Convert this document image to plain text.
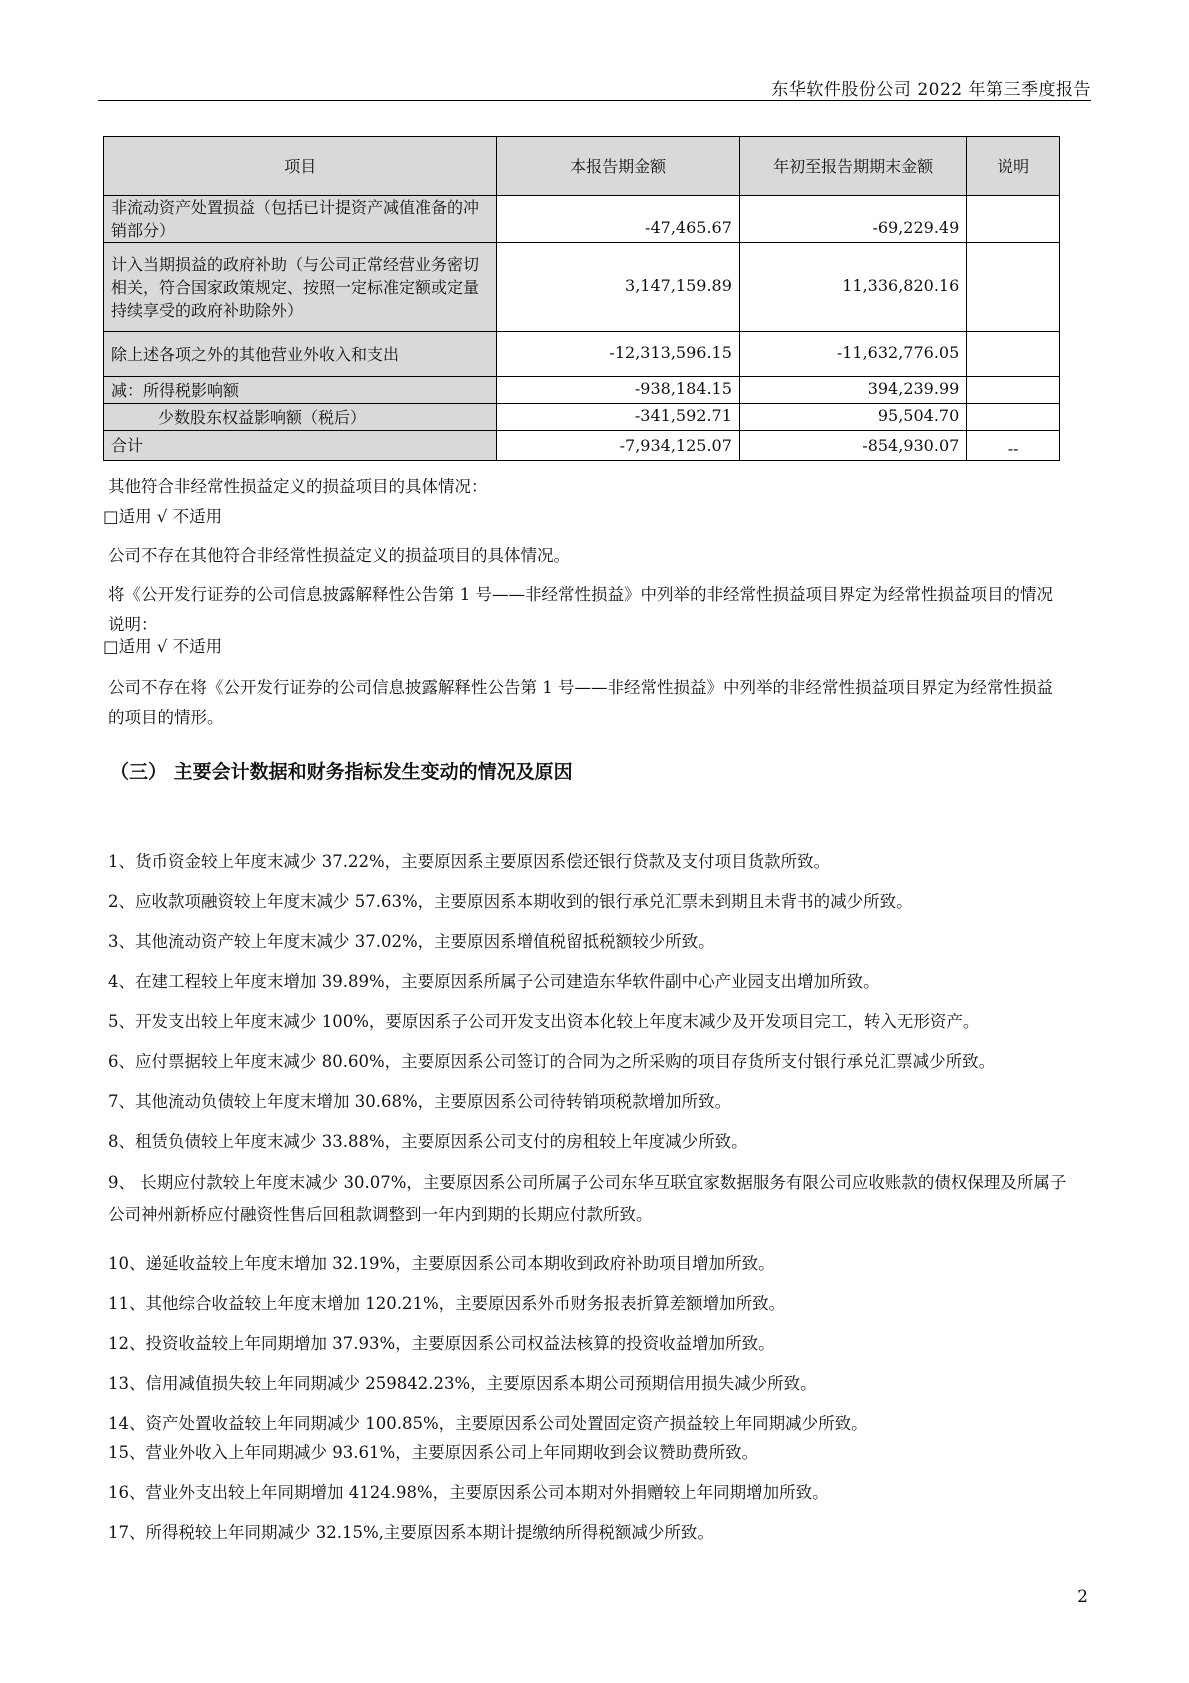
东华软件股份公司 2022 年第三季度报告
项目	本报告期金额	年初至报告期期末金额	说明
非流动资产处置损益（包括已计提资产减值准备的冲销部分）	-47,465.67	-69,229.49	
计入当期损益的政府补助（与公司正常经营业务密切相关，符合国家政策规定、按照一定标准定额或定量持续享受的政府补助除外）	3,147,159.89	11,336,820.16	
除上述各项之外的其他营业外收入和支出	-12,313,596.15	-11,632,776.05	
减：所得税影响额	-938,184.15	394,239.99	
少数股东权益影响额（税后）	-341,592.71	95,504.70	
合计	-7,934,125.07	-854,930.07	--

其他符合非经常性损益定义的损益项目的具体情况：

□适用 √ 不适用

公司不存在其他符合非经常性损益定义的损益项目的具体情况。

将《公开发行证券的公司信息披露解释性公告第 1 号——非经常性损益》中列举的非经常性损益项目界定为经常性损益项目的情况说明：

□适用 √ 不适用

公司不存在将《公开发行证券的公司信息披露解释性公告第 1 号——非经常性损益》中列举的非经常性损益项目界定为经常性损益的项目的情形。

（三） 主要会计数据和财务指标发生变动的情况及原因

1、货币资金较上年度末减少 37.22%，主要原因系主要原因系偿还银行贷款及支付项目货款所致。
2、应收款项融资较上年度末减少 57.63%，主要原因系本期收到的银行承兑汇票未到期且未背书的减少所致。
3、其他流动资产较上年度末减少 37.02%，主要原因系增值税留抵税额较少所致。
4、在建工程较上年度末增加 39.89%，主要原因系所属子公司建造东华软件副中心产业园支出增加所致。
5、开发支出较上年度末减少 100%，要原因系子公司开发支出资本化较上年度末减少及开发项目完工，转入无形资产。
6、应付票据较上年度末减少 80.60%，主要原因系公司签订的合同为之所采购的项目存货所支付银行承兑汇票减少所致。
7、其他流动负债较上年度末增加 30.68%，主要原因系公司待转销项税款增加所致。
8、租赁负债较上年度末减少 33.88%，主要原因系公司支付的房租较上年度减少所致。
9、 长期应付款较上年度末减少 30.07%，主要原因系公司所属子公司东华互联宜家数据服务有限公司应收账款的债权保理及所属子公司神州新桥应付融资性售后回租款调整到一年内到期的长期应付款所致。
10、递延收益较上年度末增加 32.19%，主要原因系公司本期收到政府补助项目增加所致。
11、其他综合收益较上年度末增加 120.21%，主要原因系外币财务报表折算差额增加所致。
12、投资收益较上年同期增加 37.93%，主要原因系公司权益法核算的投资收益增加所致。
13、信用减值损失较上年同期减少 259842.23%，主要原因系本期公司预期信用损失减少所致。
14、资产处置收益较上年同期减少 100.85%，主要原因系公司处置固定资产损益较上年同期减少所致。
15、营业外收入上年同期减少 93.61%，主要原因系公司上年同期收到会议赞助费所致。
16、营业外支出较上年同期增加 4124.98%，主要原因系公司本期对外捐赠较上年同期增加所致。
17、所得税较上年同期减少 32.15%,主要原因系本期计提缴纳所得税额减少所致。
2
